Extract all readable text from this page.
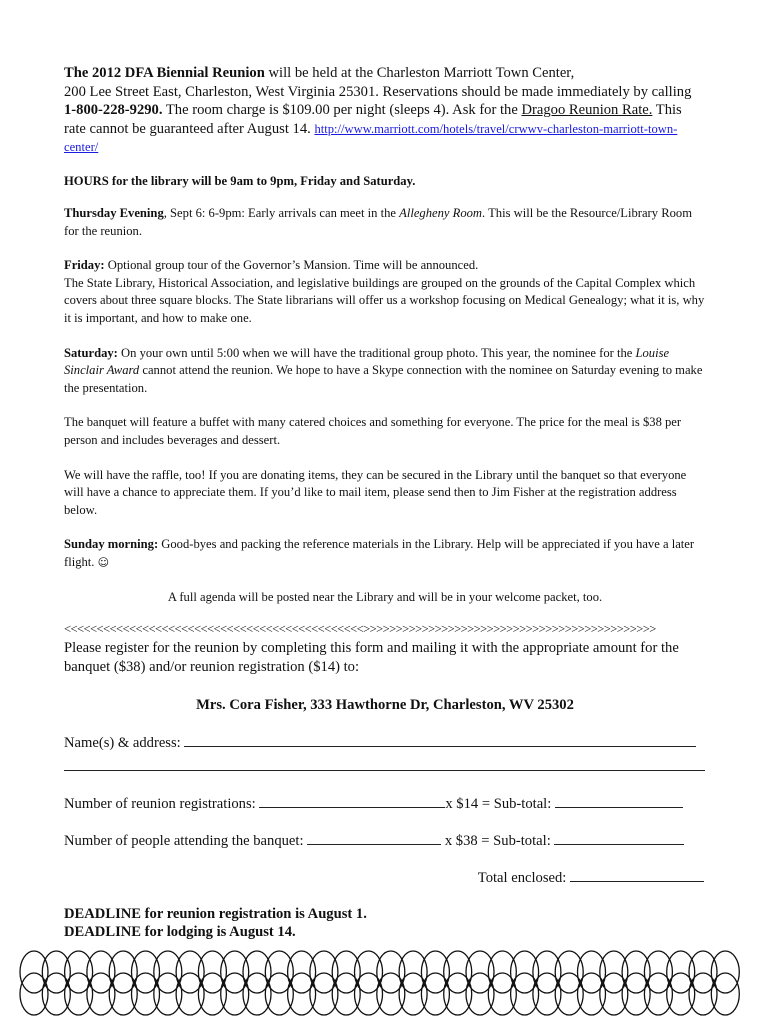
The 2012 DFA Biennial Reunion will be held at the Charleston Marriott Town Center,
200 Lee Street East, Charleston, West Virginia 25301. Reservations should be made immediately by calling 1-800-228-9290. The room charge is $109.00 per night (sleeps 4). Ask for the Dragoo Reunion Rate. This rate cannot be guaranteed after August 14. http://www.marriott.com/hotels/travel/crwwv-charleston-marriott-town-center/

HOURS for the library will be 9am to 9pm, Friday and Saturday.

Thursday Evening, Sept 6: 6-9pm: Early arrivals can meet in the Allegheny Room. This will be the Resource/Library Room for the reunion.

Friday: Optional group tour of the Governor’s Mansion. Time will be announced.
The State Library, Historical Association, and legislative buildings are grouped on the grounds of the Capital Complex which covers about three square blocks. The State librarians will offer us a workshop focusing on Medical Genealogy; what it is, why it is important, and how to make one.

Saturday: On your own until 5:00 when we will have the traditional group photo. This year, the nominee for the Louise Sinclair Award cannot attend the reunion. We hope to have a Skype connection with the nominee on Saturday evening to make the presentation.

The banquet will feature a buffet with many catered choices and something for everyone. The price for the meal is $38 per person and includes beverages and dessert.

We will have the raffle, too! If you are donating items, they can be secured in the Library until the banquet so that everyone will have a chance to appreciate them. If you’d like to mail item, please send then to Jim Fisher at the registration address below.

Sunday morning: Good-byes and packing the reference materials in the Library. Help will be appreciated if you have a later flight. ☺

A full agenda will be posted near the Library and will be in your welcome packet, too.

<<<<<<<<<<<<<<<<<<<<<<<<<<<<<<<<<<<<<<<<<<<<<<>>>>>>>>>>>>>>>>>>>>>>>>>>>>>>>>>>>>>>>>>>>>>

Please register for the reunion by completing this form and mailing it with the appropriate amount for the banquet ($38) and/or reunion registration ($14) to:

Mrs. Cora Fisher, 333 Hawthorne Dr, Charleston, WV 25302

Name(s) & address:
Number of reunion registrations:	x $14 = Sub-total:
Number of people attending the banquet:	x $38 = Sub-total:
Total enclosed:

DEADLINE for reunion registration is August 1.

DEADLINE for lodging is August 14.
